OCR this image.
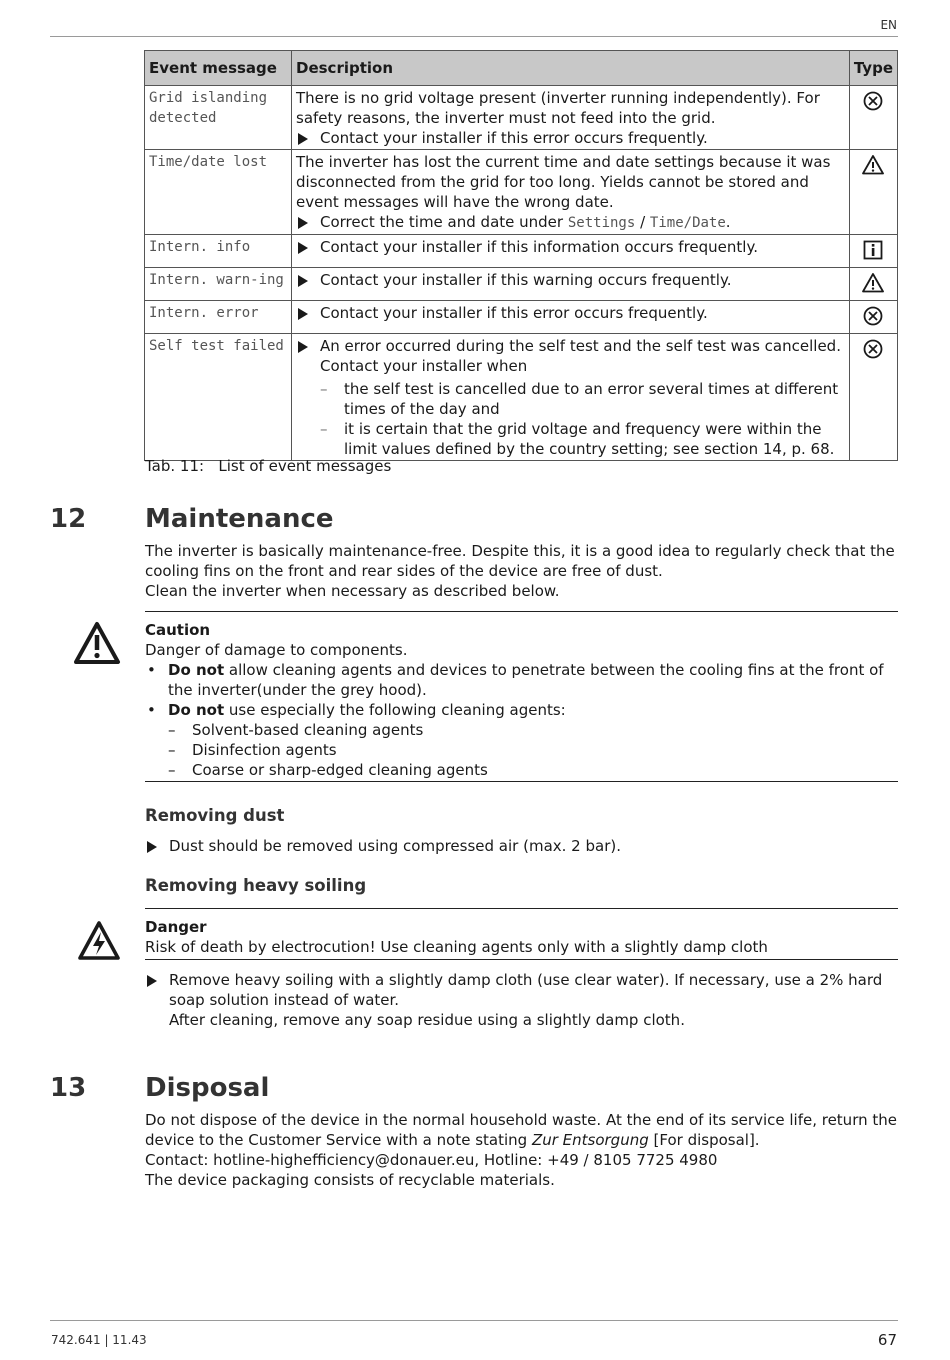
EN
Event message	Description	Type
Grid islanding detected	There is no grid voltage present (inverter running independently). For safety reasons, the inverter must not feed into the grid.
Contact your installer if this error occurs frequently.

Time/date lost	The inverter has lost the current time and date settings because it was disconnected from the grid for too long. Yields cannot be stored and event messages will have the wrong date.
Correct the time and date under Settings / Time/Date.

Intern. info	Contact your installer if this information occurs frequently.

Intern. warn-ing	Contact your installer if this warning occurs frequently.

Intern. error	Contact your installer if this error occurs frequently.

Self test failed	An error occurred during the self test and the self test was cancelled. Contact your installer when
– the self test is cancelled due to an error several times at different times of the day and
– it is certain that the grid voltage and frequency were within the limit values defined by the country setting; see section 14, p. 68.

Tab. 11:   List of event messages
12 Maintenance
The inverter is basically maintenance-free. Despite this, it is a good idea to regularly check that the cooling fins on the front and rear sides of the device are free of dust.
Clean the inverter when necessary as described below.
Caution
Danger of damage to components.
• Do not allow cleaning agents and devices to penetrate between the cooling fins at the front of the inverter(under the grey hood).
• Do not use especially the following cleaning agents:
– Solvent-based cleaning agents
– Disinfection agents
– Coarse or sharp-edged cleaning agents
Removing dust
Dust should be removed using compressed air (max. 2 bar).
Removing heavy soiling
Danger
Risk of death by electrocution! Use cleaning agents only with a slightly damp cloth
Remove heavy soiling with a slightly damp cloth (use clear water). If necessary, use a 2% hard soap solution instead of water.
After cleaning, remove any soap residue using a slightly damp cloth.
13 Disposal
Do not dispose of the device in the normal household waste. At the end of its service life, return the device to the Customer Service with a note stating Zur Entsorgung [For disposal].
Contact: hotline-highefficiency@donauer.eu, Hotline: +49 / 8105 7725 4980
The device packaging consists of recyclable materials.
742.641 | 11.43	67
